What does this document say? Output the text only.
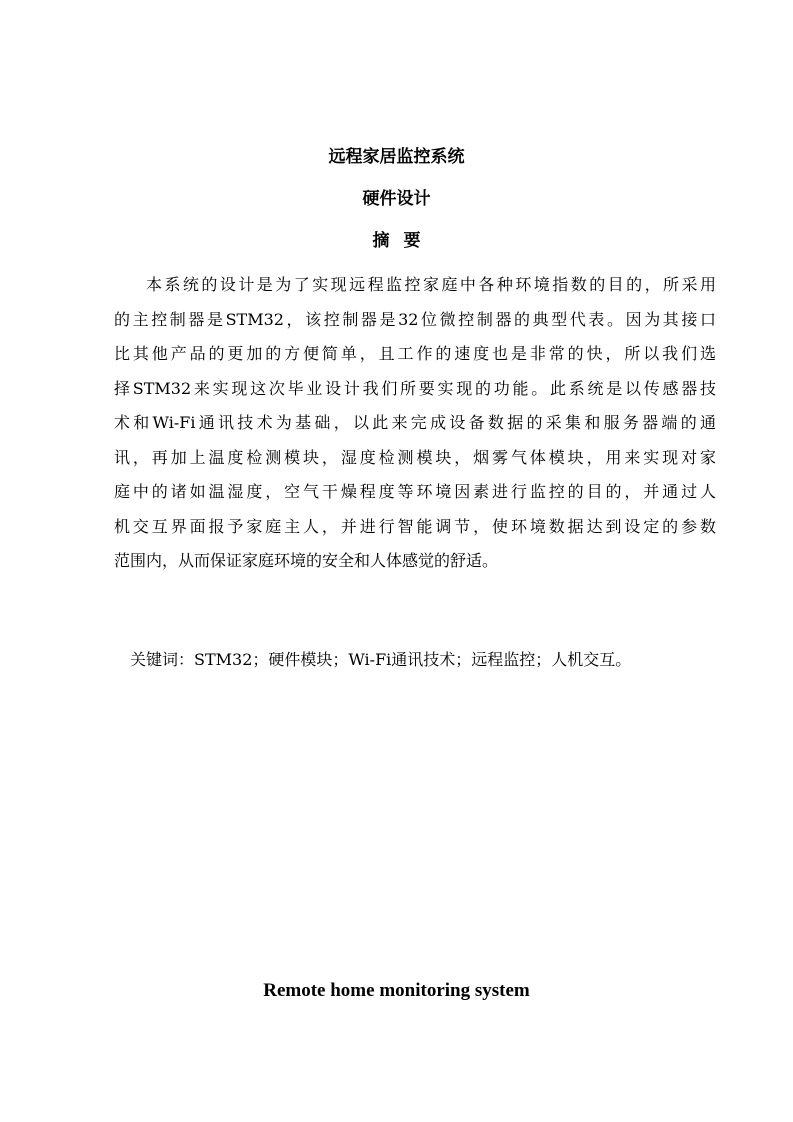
远程家居监控系统
硬件设计
摘要
本系统的设计是为了实现远程监控家庭中各种环境指数的目的，所采用
的主控制器是STM32，该控制器是32位微控制器的典型代表。因为其接口
比其他产品的更加的方便简单，且工作的速度也是非常的快，所以我们选
择STM32来实现这次毕业设计我们所要实现的功能。此系统是以传感器技
术和Wi-Fi通讯技术为基础，以此来完成设备数据的采集和服务器端的通
讯，再加上温度检测模块，湿度检测模块，烟雾气体模块，用来实现对家
庭中的诸如温湿度，空气干燥程度等环境因素进行监控的目的，并通过人
机交互界面报予家庭主人，并进行智能调节，使环境数据达到设定的参数
范围内，从而保证家庭环境的安全和人体感觉的舒适。

关键词：STM32；硬件模块；Wi-Fi通讯技术；远程监控；人机交互。

Remote home monitoring system
